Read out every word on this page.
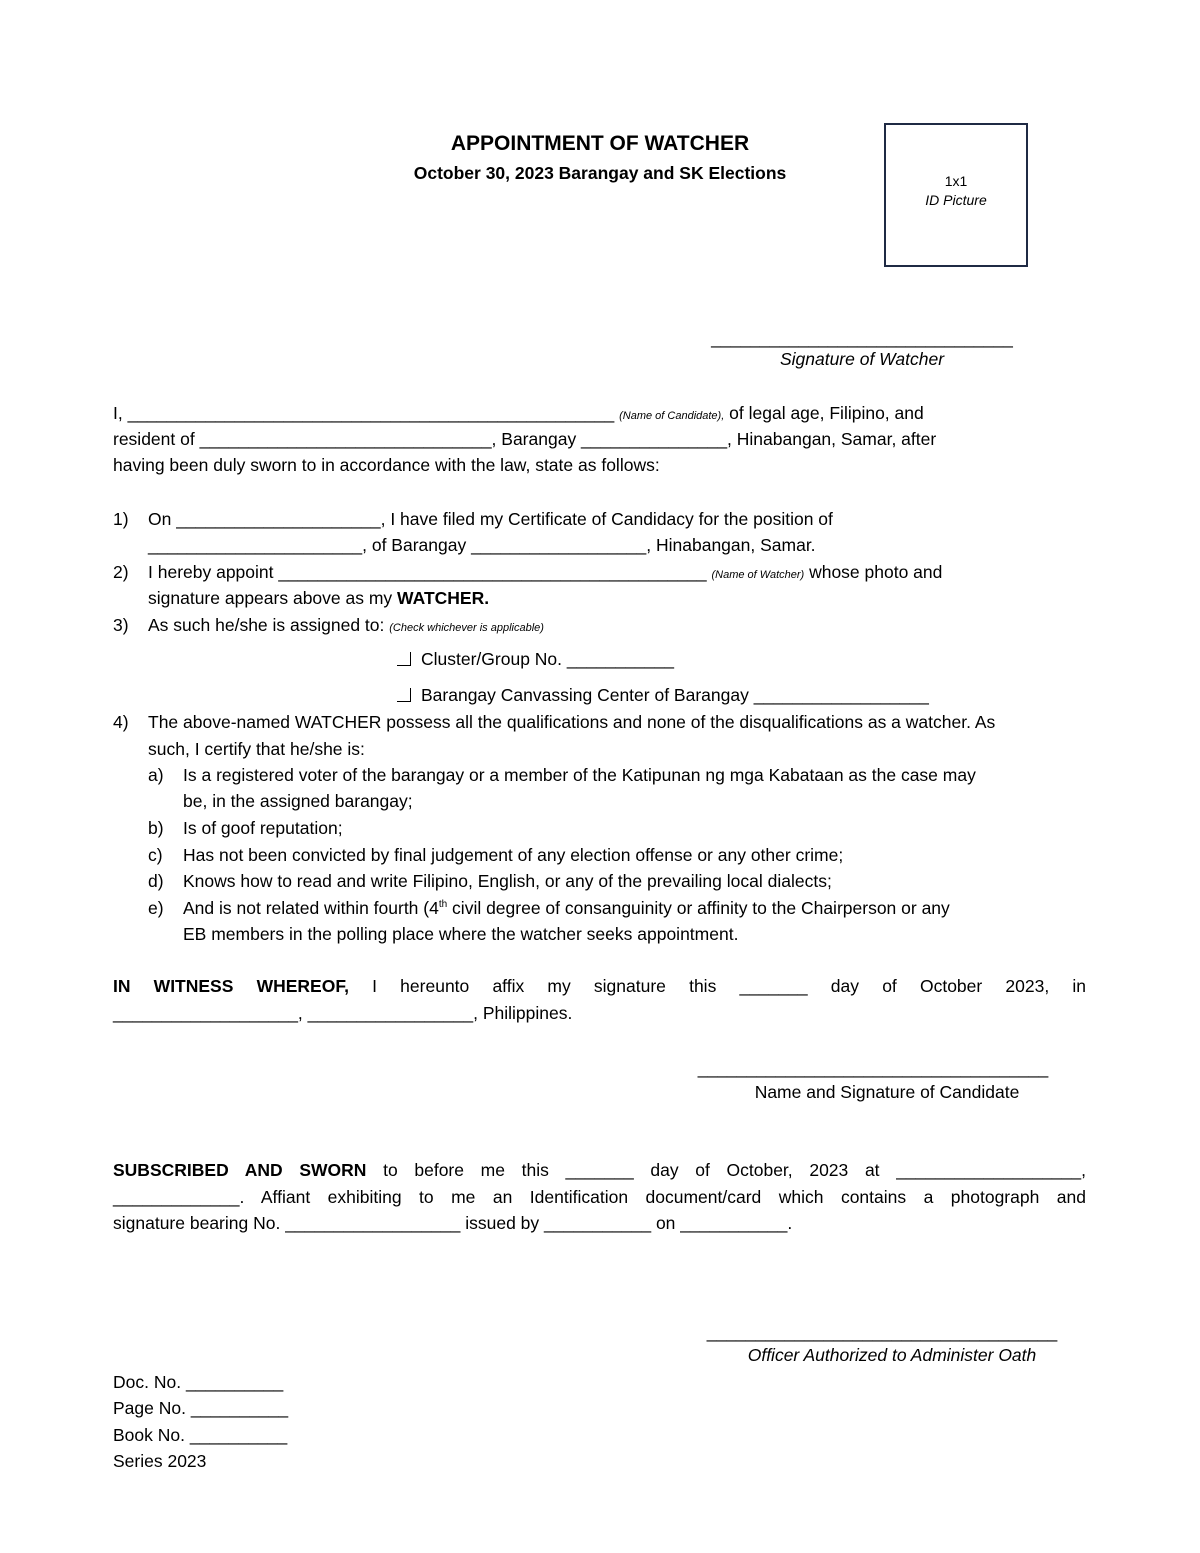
APPOINTMENT OF WATCHER
October 30, 2023 Barangay and SK Elections	1x1
ID Picture
_______________________________
Signature of Watcher
I, __________________________________________________ (Name of Candidate), of legal age, Filipino, and
resident of ______________________________, Barangay _______________, Hinabangan, Samar, after
having been duly sworn to in accordance with the law, state as follows:
1)	On _____________________, I have filed my Certificate of Candidacy for the position of
______________________, of Barangay __________________, Hinabangan, Samar.
2)	I hereby appoint ____________________________________________ (Name of Watcher) whose photo and
signature appears above as my WATCHER.
3)	As such he/she is assigned to: (Check whichever is applicable)
Cluster/Group No. ___________
Barangay Canvassing Center of Barangay __________________
4)	The above-named WATCHER possess all the qualifications and none of the disqualifications as a watcher. As
such, I certify that he/she is:
a)	Is a registered voter of the barangay or a member of the Katipunan ng mga Kabataan as the case may
be, in the assigned barangay;
b)	Is of goof reputation;
c)	Has not been convicted by final judgement of any election offense or any other crime;
d)	Knows how to read and write Filipino, English, or any of the prevailing local dialects;
e)	And is not related within fourth (4th civil degree of consanguinity or affinity to the Chairperson or any
EB members in the polling place where the watcher seeks appointment.
IN WITNESS WHEREOF, I hereunto affix my signature this _______ day of October 2023, in
___________________, _________________, Philippines.
____________________________________
Name and Signature of Candidate
SUBSCRIBED AND SWORN to before me this _______ day of October, 2023 at ___________________,
_____________. Affiant exhibiting to me an Identification document/card which contains a photograph and
signature bearing No. __________________ issued by ___________ on ___________.
____________________________________
Officer Authorized to Administer Oath
Doc. No. __________
Page No. __________
Book No. __________
Series 2023
